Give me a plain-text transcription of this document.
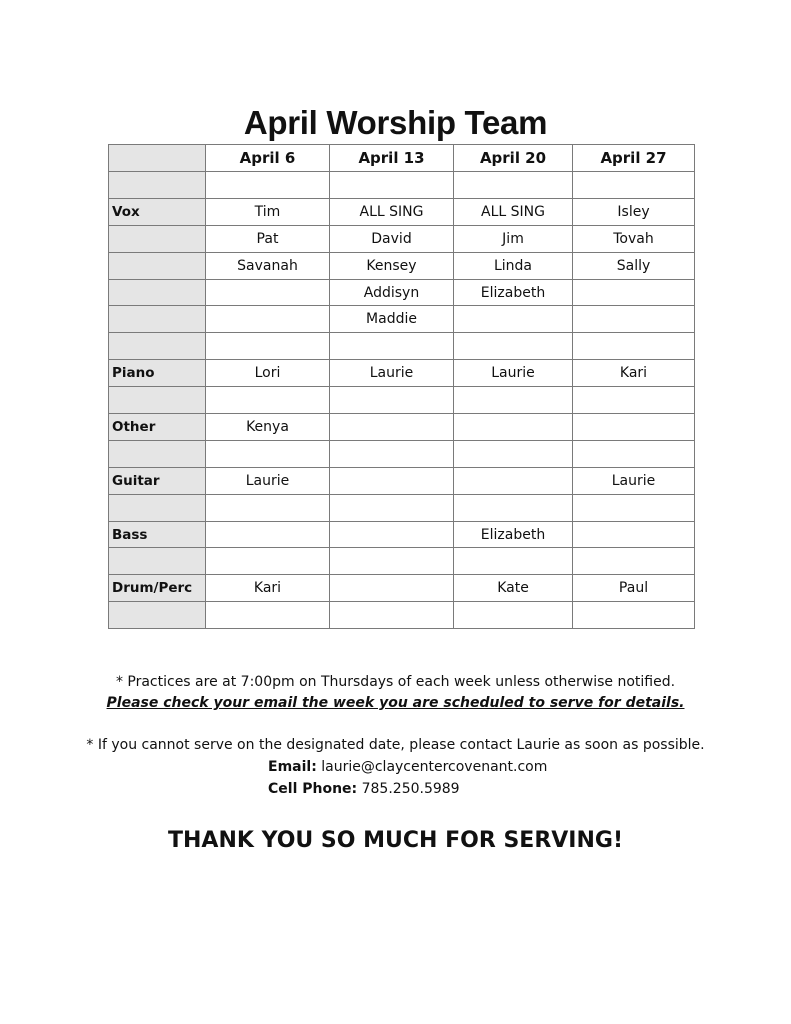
April Worship Team
	April 6	April 13	April 20	April 27

Vox	Tim	ALL SING	ALL SING	Isley
	Pat	David	Jim	Tovah
	Savanah	Kensey	Linda	Sally
		Addisyn	Elizabeth	
		Maddie		

Piano	Lori	Laurie	Laurie	Kari

Other	Kenya			

Guitar	Laurie			Laurie

Bass			Elizabeth	

Drum/Perc	Kari		Kate	Paul

* Practices are at 7:00pm on Thursdays of each week unless otherwise notified.
Please check your email the week you are scheduled to serve for details.
* If you cannot serve on the designated date, please contact Laurie as soon as possible.
Email: laurie@claycentercovenant.com
Cell Phone: 785.250.5989
THANK YOU SO MUCH FOR SERVING!
